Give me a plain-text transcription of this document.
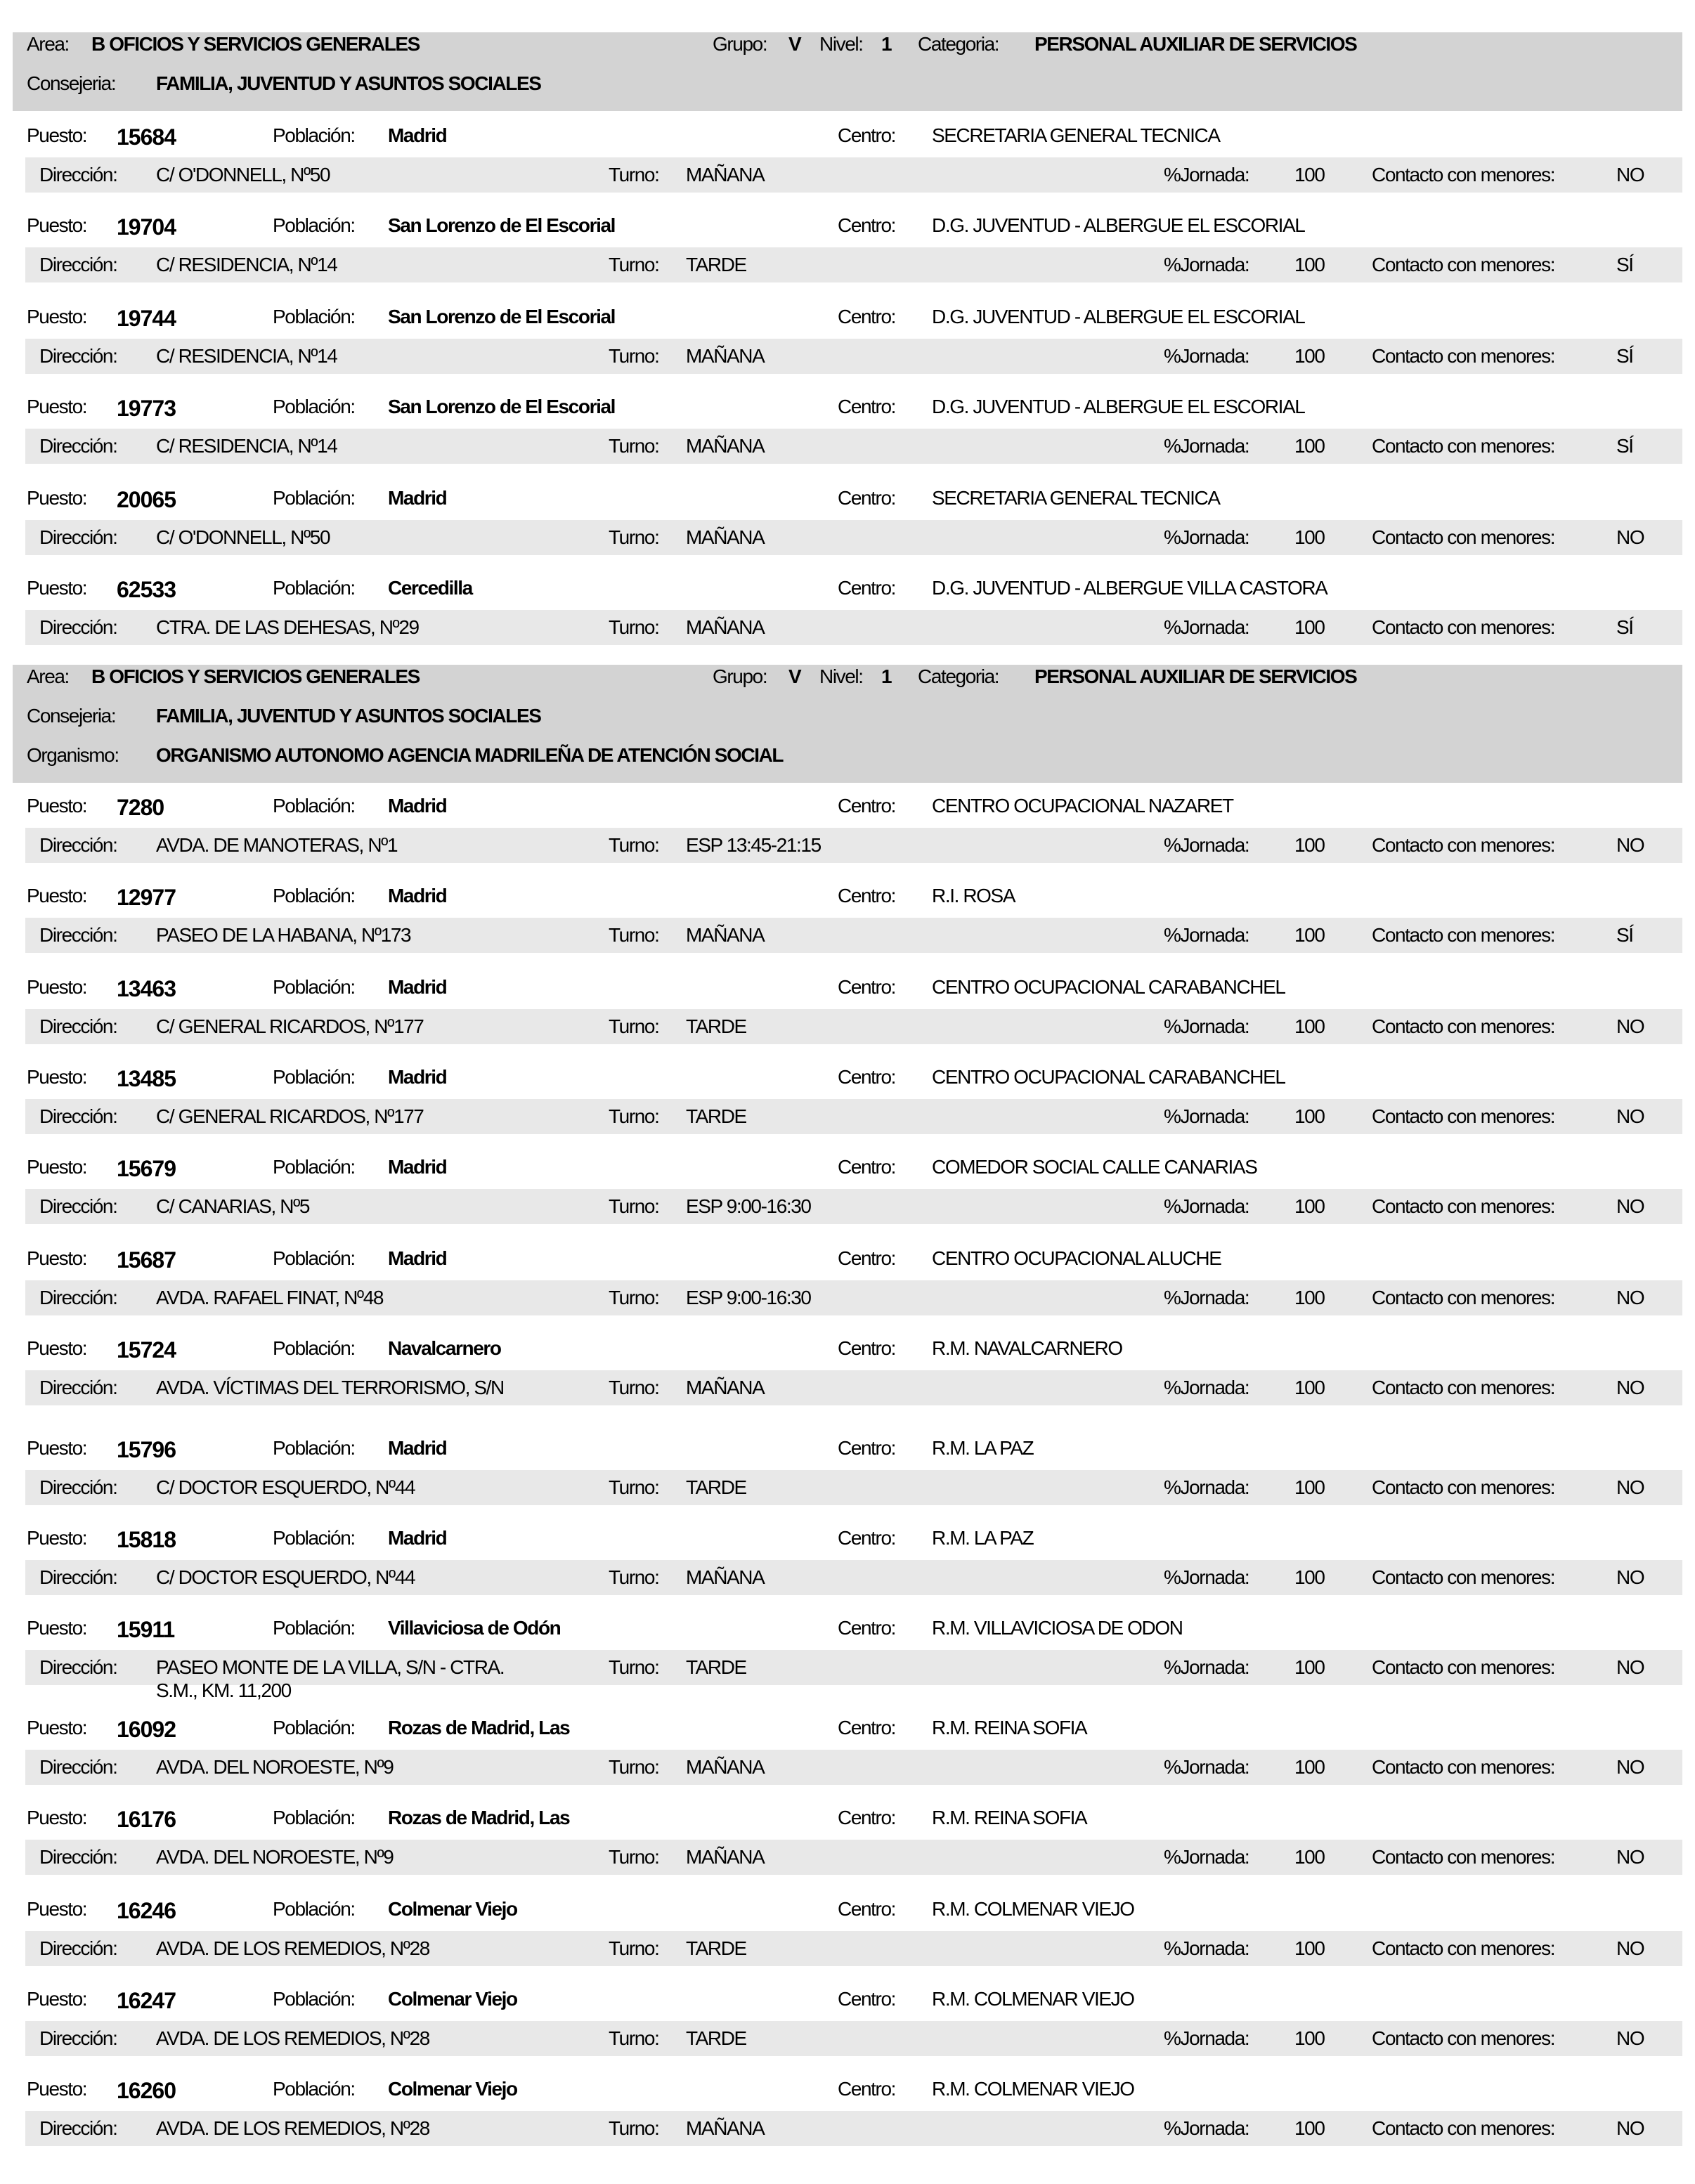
Area: B OFICIOS Y SERVICIOS GENERALES	Grupo: V Nivel: 1 Categoria: PERSONAL AUXILIAR DE SERVICIOS
Consejeria: FAMILIA, JUVENTUD Y ASUNTOS SOCIALES
Puesto: 15684	Población: Madrid	Centro: SECRETARIA GENERAL TECNICA
Dirección: C/ O'DONNELL, Nº50	Turno: MAÑANA	%Jornada: 100 Contacto con menores:	NO
Puesto: 19704	Población: San Lorenzo de El Escorial	Centro: D.G. JUVENTUD - ALBERGUE EL ESCORIAL
Dirección: C/ RESIDENCIA, Nº14	Turno: TARDE	%Jornada: 100 Contacto con menores:	SÍ
Puesto: 19744	Población: San Lorenzo de El Escorial	Centro: D.G. JUVENTUD - ALBERGUE EL ESCORIAL
Dirección: C/ RESIDENCIA, Nº14	Turno: MAÑANA	%Jornada: 100 Contacto con menores:	SÍ
Puesto: 19773	Población: San Lorenzo de El Escorial	Centro: D.G. JUVENTUD - ALBERGUE EL ESCORIAL
Dirección: C/ RESIDENCIA, Nº14	Turno: MAÑANA	%Jornada: 100 Contacto con menores:	SÍ
Puesto: 20065	Población: Madrid	Centro: SECRETARIA GENERAL TECNICA
Dirección: C/ O'DONNELL, Nº50	Turno: MAÑANA	%Jornada: 100 Contacto con menores:	NO
Puesto: 62533	Población: Cercedilla	Centro: D.G. JUVENTUD - ALBERGUE VILLA CASTORA
Dirección: CTRA. DE LAS DEHESAS, Nº29	Turno: MAÑANA	%Jornada: 100 Contacto con menores:	SÍ
Area: B OFICIOS Y SERVICIOS GENERALES	Grupo: V Nivel: 1 Categoria: PERSONAL AUXILIAR DE SERVICIOS
Consejeria: FAMILIA, JUVENTUD Y ASUNTOS SOCIALES
Organismo: ORGANISMO AUTONOMO AGENCIA MADRILEÑA DE ATENCIÓN SOCIAL
Puesto: 7280	Población: Madrid	Centro: CENTRO OCUPACIONAL NAZARET
Dirección: AVDA. DE MANOTERAS, Nº1	Turno: ESP 13:45-21:15	%Jornada: 100 Contacto con menores:	NO
Puesto: 12977	Población: Madrid	Centro: R.I. ROSA
Dirección: PASEO DE LA HABANA, Nº173	Turno: MAÑANA	%Jornada: 100 Contacto con menores:	SÍ
Puesto: 13463	Población: Madrid	Centro: CENTRO OCUPACIONAL CARABANCHEL
Dirección: C/ GENERAL RICARDOS, Nº177	Turno: TARDE	%Jornada: 100 Contacto con menores:	NO
Puesto: 13485	Población: Madrid	Centro: CENTRO OCUPACIONAL CARABANCHEL
Dirección: C/ GENERAL RICARDOS, Nº177	Turno: TARDE	%Jornada: 100 Contacto con menores:	NO
Puesto: 15679	Población: Madrid	Centro: COMEDOR SOCIAL CALLE CANARIAS
Dirección: C/ CANARIAS, Nº5	Turno: ESP 9:00-16:30	%Jornada: 100 Contacto con menores:	NO
Puesto: 15687	Población: Madrid	Centro: CENTRO OCUPACIONAL ALUCHE
Dirección: AVDA. RAFAEL FINAT, Nº48	Turno: ESP 9:00-16:30	%Jornada: 100 Contacto con menores:	NO
Puesto: 15724	Población: Navalcarnero	Centro: R.M. NAVALCARNERO
Dirección: AVDA. VÍCTIMAS DEL TERRORISMO, S/N	Turno: MAÑANA	%Jornada: 100 Contacto con menores:	NO
Puesto: 15796	Población: Madrid	Centro: R.M. LA PAZ
Dirección: C/ DOCTOR ESQUERDO, Nº44	Turno: TARDE	%Jornada: 100 Contacto con menores:	NO
Puesto: 15818	Población: Madrid	Centro: R.M. LA PAZ
Dirección: C/ DOCTOR ESQUERDO, Nº44	Turno: MAÑANA	%Jornada: 100 Contacto con menores:	NO
Puesto: 15911	Población: Villaviciosa de Odón	Centro: R.M. VILLAVICIOSA DE ODON
Dirección: PASEO MONTE DE LA VILLA, S/N - CTRA. S.M., KM. 11,200
Turno: TARDE	%Jornada: 100 Contacto con menores:	NO
Puesto: 16092	Población: Rozas de Madrid, Las	Centro: R.M. REINA SOFIA
Dirección: AVDA. DEL NOROESTE, Nº9	Turno: MAÑANA	%Jornada: 100 Contacto con menores:	NO
Puesto: 16176	Población: Rozas de Madrid, Las	Centro: R.M. REINA SOFIA
Dirección: AVDA. DEL NOROESTE, Nº9	Turno: MAÑANA	%Jornada: 100 Contacto con menores:	NO
Puesto: 16246	Población: Colmenar Viejo	Centro: R.M. COLMENAR VIEJO
Dirección: AVDA. DE LOS REMEDIOS, Nº28	Turno: TARDE	%Jornada: 100 Contacto con menores:	NO
Puesto: 16247	Población: Colmenar Viejo	Centro: R.M. COLMENAR VIEJO
Dirección: AVDA. DE LOS REMEDIOS, Nº28	Turno: TARDE	%Jornada: 100 Contacto con menores:	NO
Puesto: 16260	Población: Colmenar Viejo	Centro: R.M. COLMENAR VIEJO
Dirección: AVDA. DE LOS REMEDIOS, Nº28	Turno: MAÑANA	%Jornada: 100 Contacto con menores:	NO
